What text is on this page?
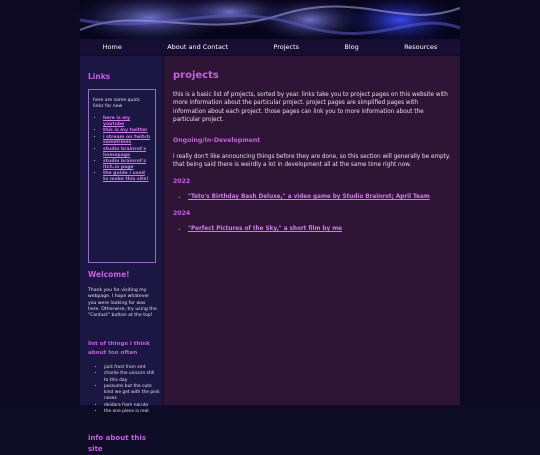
Home	About and Contact	Projects	Blog	Resources
Links
here are some quick links for now
• here is my youtube
• this is my twitter
• i stream on twitch sometimes
• studio brainrot's homepage
• studio brainrot's itch.io page
• the guide i used to make this site!
Welcome!
Thank you for visiting my webpage. I hope whatever you were looking for was here. Otherwise, try using the "Contact" button at the top!
list of things i think about too often
• jack frost from smt
• charlie the unicorn still to this day
• possums but the cute kind we get with the pink noses
• deidara from naruto
• the one piece is real
info about this site
projects

this is a basic list of projects, sorted by year. links take you to project pages on this website with more information about the particular project. project pages are simplified pages with information about each project. those pages can link you to more information about the particular project.

Ongoing/In-Development

i really don't like announcing things before they are done, so this section will generally be empty. that being said there is weirdly a lot in development all at the same time right now.

2022
• "Teto's Birthday Bash Deluxe," a video game by Studio Brainrot; April Team
2024
• "Perfect Pictures of the Sky," a short film by me
